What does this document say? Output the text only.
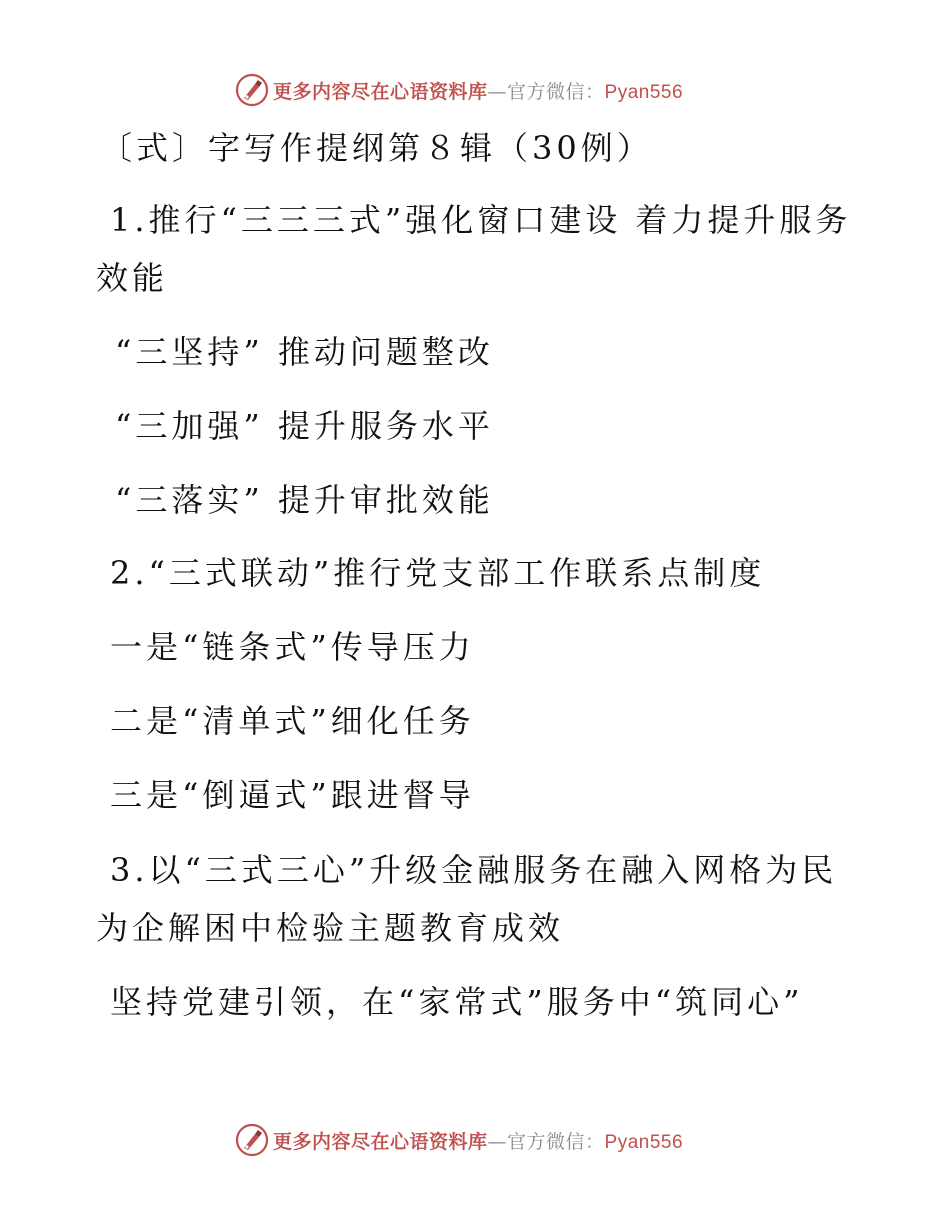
更多内容尽在心语资料库—官方微信：Pyan556
〔式〕字写作提纲第８辑（30例）
1.推行“三三三式”强化窗口建设 着力提升服务
效能
“三坚持” 推动问题整改
“三加强” 提升服务水平
“三落实” 提升审批效能
2.“三式联动”推行党支部工作联系点制度
一是“链条式”传导压力
二是“清单式”细化任务
三是“倒逼式”跟进督导
3.以“三式三心”升级金融服务在融入网格为民
为企解困中检验主题教育成效
坚持党建引领，在“家常式”服务中“筑同心”
更多内容尽在心语资料库—官方微信：Pyan556
